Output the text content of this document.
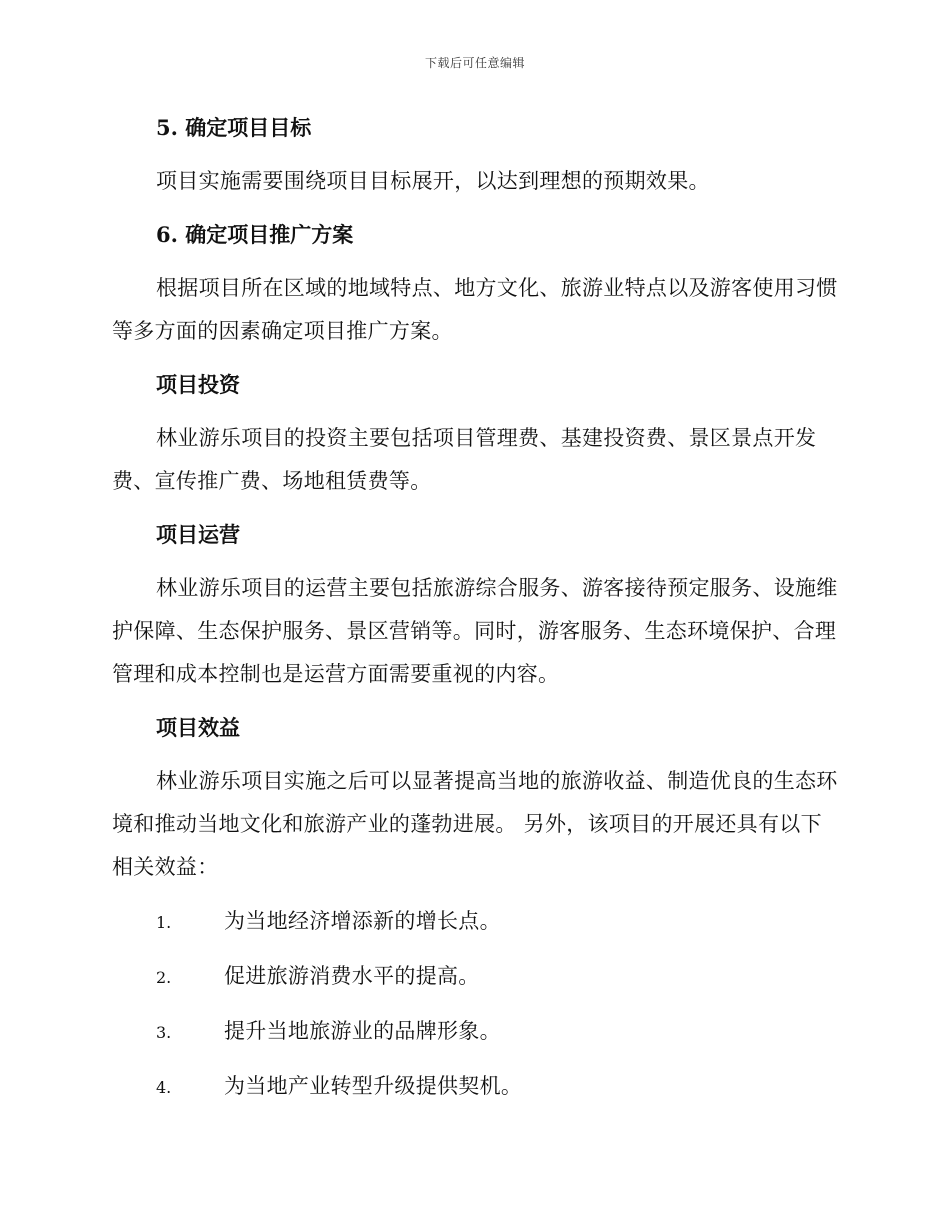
下载后可任意编辑
5. 确定项目目标

项目实施需要围绕项目目标展开，以达到理想的预期效果。

6. 确定项目推广方案

根据项目所在区域的地域特点、地方文化、旅游业特点以及游客使用习惯等多方面的因素确定项目推广方案。

项目投资

林业游乐项目的投资主要包括项目管理费、基建投资费、景区景点开发费、宣传推广费、场地租赁费等。

项目运营

林业游乐项目的运营主要包括旅游综合服务、游客接待预定服务、设施维护保障、生态保护服务、景区营销等。同时，游客服务、生态环境保护、合理管理和成本控制也是运营方面需要重视的内容。

项目效益

林业游乐项目实施之后可以显著提高当地的旅游收益、制造优良的生态环境和推动当地文化和旅游产业的蓬勃进展。 另外，该项目的开展还具有以下相关效益：

1.	为当地经济增添新的增长点。
2.	促进旅游消费水平的提高。
3.	提升当地旅游业的品牌形象。
4.	为当地产业转型升级提供契机。
